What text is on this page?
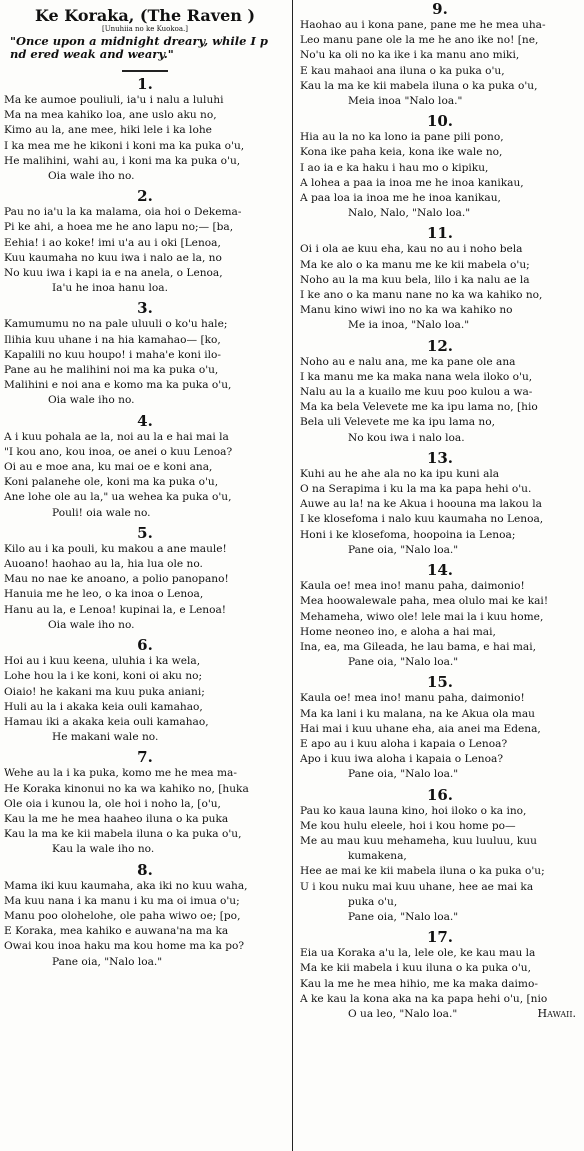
Ke Koraka, (The Raven )
[Unuhiia no ke Kuokoa.]
"Once upon a midnight dreary, while I p nd ered weak and weary."
1.
Ma ke aumoe pouliuli, ia'u i nalu a luluhi
Ma na mea kahiko loa, ane uslo aku no,
Kimo au la, ane mee, hiki lele i ka lohe
I ka mea me he kikoni i koni ma ka puka o'u,
He malihini, wahi au, i koni ma ka puka o'u,
Oia wale iho no.
2.
Pau no ia'u la ka malama, oia hoi o Dekema-
Pi ke ahi, a hoea me he ano lapu no;— [ba,
Eehia! i ao koke! imi u'a au i oki [Lenoa,
Kuu kaumaha no kuu iwa i nalo ae la, no
No kuu iwa i kapi ia e na anela, o Lenoa,
Ia'u he inoa hanu loa.
3.
Kamumumu no na pale uluuli o ko'u hale;
Ilihia kuu uhane i na hia kamahao— [ko,
Kapalili no kuu houpo! i maha'e koni ilo-
Pane au he malihini noi ma ka puka o'u,
Malihini e noi ana e komo ma ka puka o'u,
Oia wale iho no.
4.
A i kuu pohala ae la, noi au la e hai mai la
"I kou ano, kou inoa, oe anei o kuu Lenoa?
Oi au e moe ana, ku mai oe e koni ana,
Koni palanehe ole, koni ma ka puka o'u,
Ane lohe ole au la," ua wehea ka puka o'u,
Pouli! oia wale no.
5.
Kilo au i ka pouli, ku makou a ane maule!
Auoano! haohao au la, hia lua ole no.
Mau no nae ke anoano, a polio panopano!
Hanuia me he leo, o ka inoa o Lenoa,
Hanu au la, e Lenoa! kupinai la, e Lenoa!
Oia wale iho no.
6.
Hoi au i kuu keena, uluhia i ka wela,
Lohe hou la i ke koni, koni oi aku no;
Oiaio! he kakani ma kuu puka aniani;
Huli au la i akaka keia ouli kamahao,
Hamau iki a akaka keia ouli kamahao,
He makani wale no.
7.
Wehe au la i ka puka, komo me he mea ma-
He Koraka kinonui no ka wa kahiko no, [huka
Ole oia i kunou la, ole hoi i noho la, [o'u,
Kau la me he mea haaheo iluna o ka puka
Kau la ma ke kii mabela iluna o ka puka o'u,
Kau la wale iho no.
8.
Mama iki kuu kaumaha, aka iki no kuu waha,
Ma kuu nana i ka manu i ku ma oi imua o'u;
Manu poo olohelohe, ole paha wiwo oe; [po,
E Koraka, mea kahiko e auwana'na ma ka
Owai kou inoa haku ma kou home ma ka po?
Pane oia, "Nalo loa."
9.
Haohao au i kona pane, pane me he mea uha-
Leo manu pane ole la me he ano ike no! [ne,
No'u ka oli no ka ike i ka manu ano miki,
E kau mahaoi ana iluna o ka puka o'u,
Kau la ma ke kii mabela iluna o ka puka o'u,
Meia inoa "Nalo loa."
10.
Hia au la no ka lono ia pane pili pono,
Kona ike paha keia, kona ike wale no,
I ao ia e ka haku i hau mo o kipiku,
A lohea a paa ia inoa me he inoa kanikau,
A paa loa ia inoa me he inoa kanikau,
Nalo, Nalo, "Nalo loa."
11.
Oi i ola ae kuu eha, kau no au i noho bela
Ma ke alo o ka manu me ke kii mabela o'u;
Noho au la ma kuu bela, lilo i ka nalu ae la
I ke ano o ka manu nane no ka wa kahiko no,
Manu kino wiwi ino no ka wa kahiko no
Me ia inoa, "Nalo loa."
12.
Noho au e nalu ana, me ka pane ole ana
I ka manu me ka maka nana wela iloko o'u,
Nalu au la a kuailo me kuu poo kulou a wa-
Ma ka bela Velevete me ka ipu lama no, [hio
Bela uli Velevete me ka ipu lama no,
No kou iwa i nalo loa.
13.
Kuhi au he ahe ala no ka ipu kuni ala
O na Serapima i ku la ma ka papa hehi o'u.
Auwe au la! na ke Akua i hoouna ma lakou la
I ke klosefoma i nalo kuu kaumaha no Lenoa,
Honi i ke klosefoma, hoopoina ia Lenoa;
Pane oia, "Nalo loa."
14.
Kaula oe! mea ino! manu paha, daimonio!
Mea hoowalewale paha, mea olulo mai ke kai!
Mehameha, wiwo ole! lele mai la i kuu home,
Home neoneo ino, e aloha a hai mai,
Ina, ea, ma Gileada, he lau bama, e hai mai,
Pane oia, "Nalo loa."
15.
Kaula oe! mea ino! manu paha, daimonio!
Ma ka lani i ku malana, na ke Akua ola mau
Hai mai i kuu uhane eha, aia anei ma Edena,
E apo au i kuu aloha i kapaia o Lenoa?
Apo i kuu iwa aloha i kapaia o Lenoa?
Pane oia, "Nalo loa."
16.
Pau ko kaua launa kino, hoi iloko o ka ino,
Me kou hulu eleele, hoi i kou home po—
Me au mau kuu mehameha, kuu luuluu, kuu
kumakena,
Hee ae mai ke kii mabela iluna o ka puka o'u;
U i kou nuku mai kuu uhane, hee ae mai ka
puka o'u,
Pane oia, "Nalo loa."
17.
Eia ua Koraka a'u la, lele ole, ke kau mau la
Ma ke kii mabela i kuu iluna o ka puka o'u,
Kau la me he mea hihio, me ka maka daimo-
A ke kau la kona aka na ka papa hehi o'u, [nio
Hawaii.
O ua leo, "Nalo loa."
